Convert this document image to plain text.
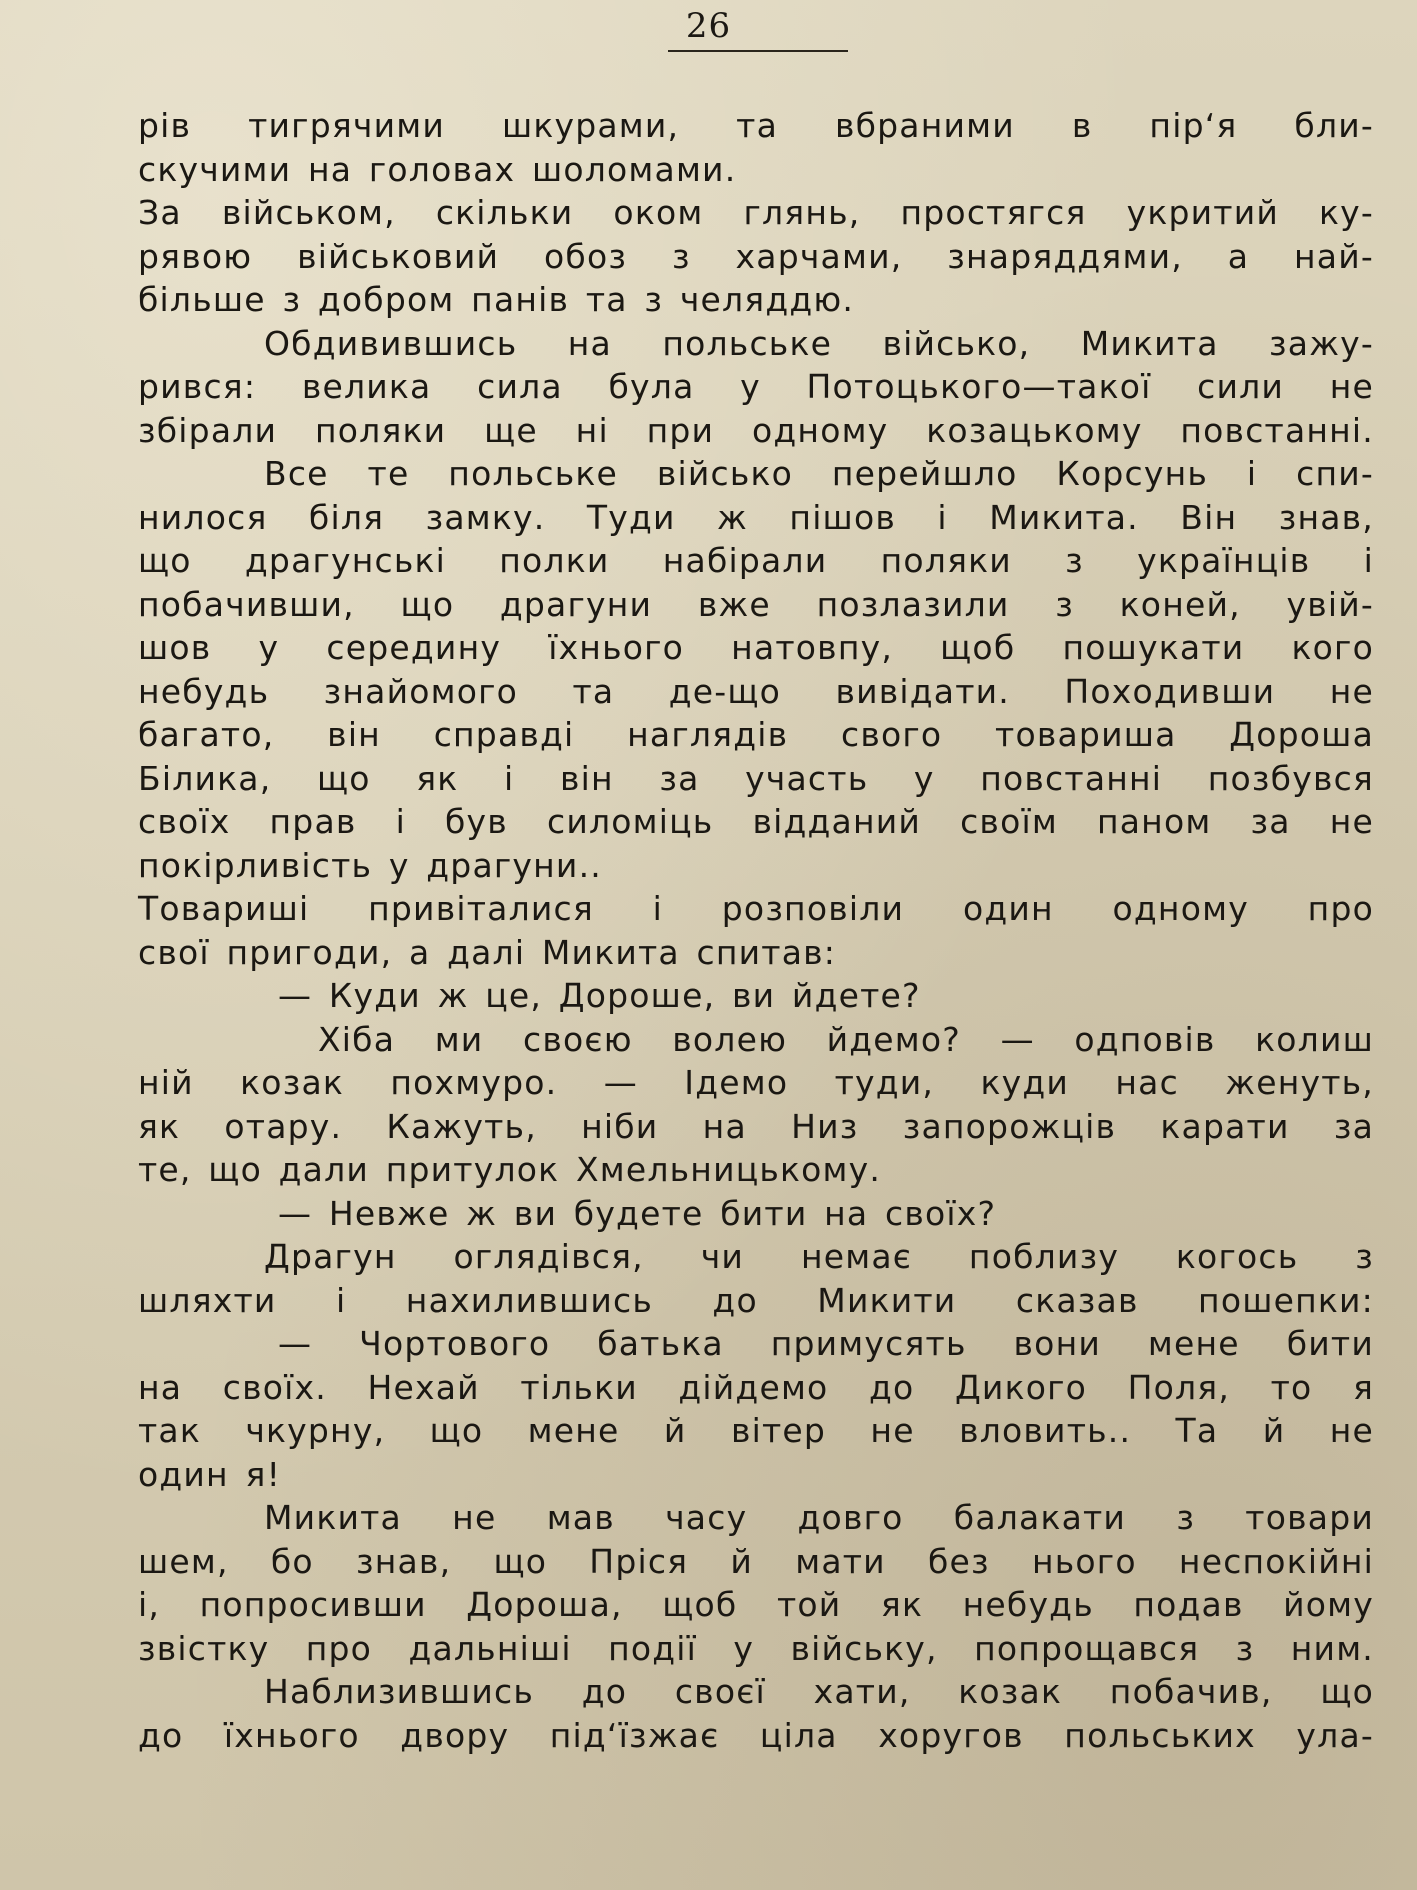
26
рів тигрячими шкурами, та вбраними в пір‘я бли-
скучими на головах шоломами.
За військом, скільки оком глянь, простягся укритий ку-
рявою військовий обоз з харчами, знаряддями, а най-
більше з добром панів та з челяддю.
Обдивившись на польське військо, Микита зажу-
рився: велика сила була у Потоцького—такої сили не
збірали поляки ще ні при одному козацькому повстанні.
Все те польське військо перейшло Корсунь і спи-
нилося біля замку. Туди ж пішов і Микита. Він знав,
що драгунські полки набірали поляки з українців і
побачивши, що драгуни вже позлазили з коней, увій-
шов у середину їхнього натовпу, щоб пошукати кого
небудь знайомого та де-що вивідати. Походивши не
багато, він справді наглядів свого товариша Дороша
Білика, що як і він за участь у повстанні позбувся
своїх прав і був силоміць відданий своїм паном за не
покірливість у драгуни..
Товариші привіталися і розповіли один одному про
свої пригоди, а далі Микита спитав:
— Куди ж це, Дороше, ви йдете?
Хіба ми своєю волею йдемо? — одповів колиш
ній козак похмуро. — Ідемо туди, куди нас женуть,
як отару. Кажуть, ніби на Низ запорожців карати за
те, що дали притулок Хмельницькому.
— Невже ж ви будете бити на своїх?
Драгун оглядівся, чи немає поблизу когось з
шляхти і нахилившись до Микити сказав пошепки:
— Чортового батька примусять вони мене бити
на своїх. Нехай тільки дійдемо до Дикого Поля, то я
так чкурну, що мене й вітер не вловить.. Та й не
один я!
Микита не мав часу довго балакати з товари
шем, бо знав, що Пріся й мати без нього неспокійні
і, попросивши Дороша, щоб той як небудь подав йому
звістку про дальніші події у війську, попрощався з ним.
Наблизившись до своєї хати, козак побачив, що
до їхнього двору під‘їзжає ціла хоругов польських ула-
